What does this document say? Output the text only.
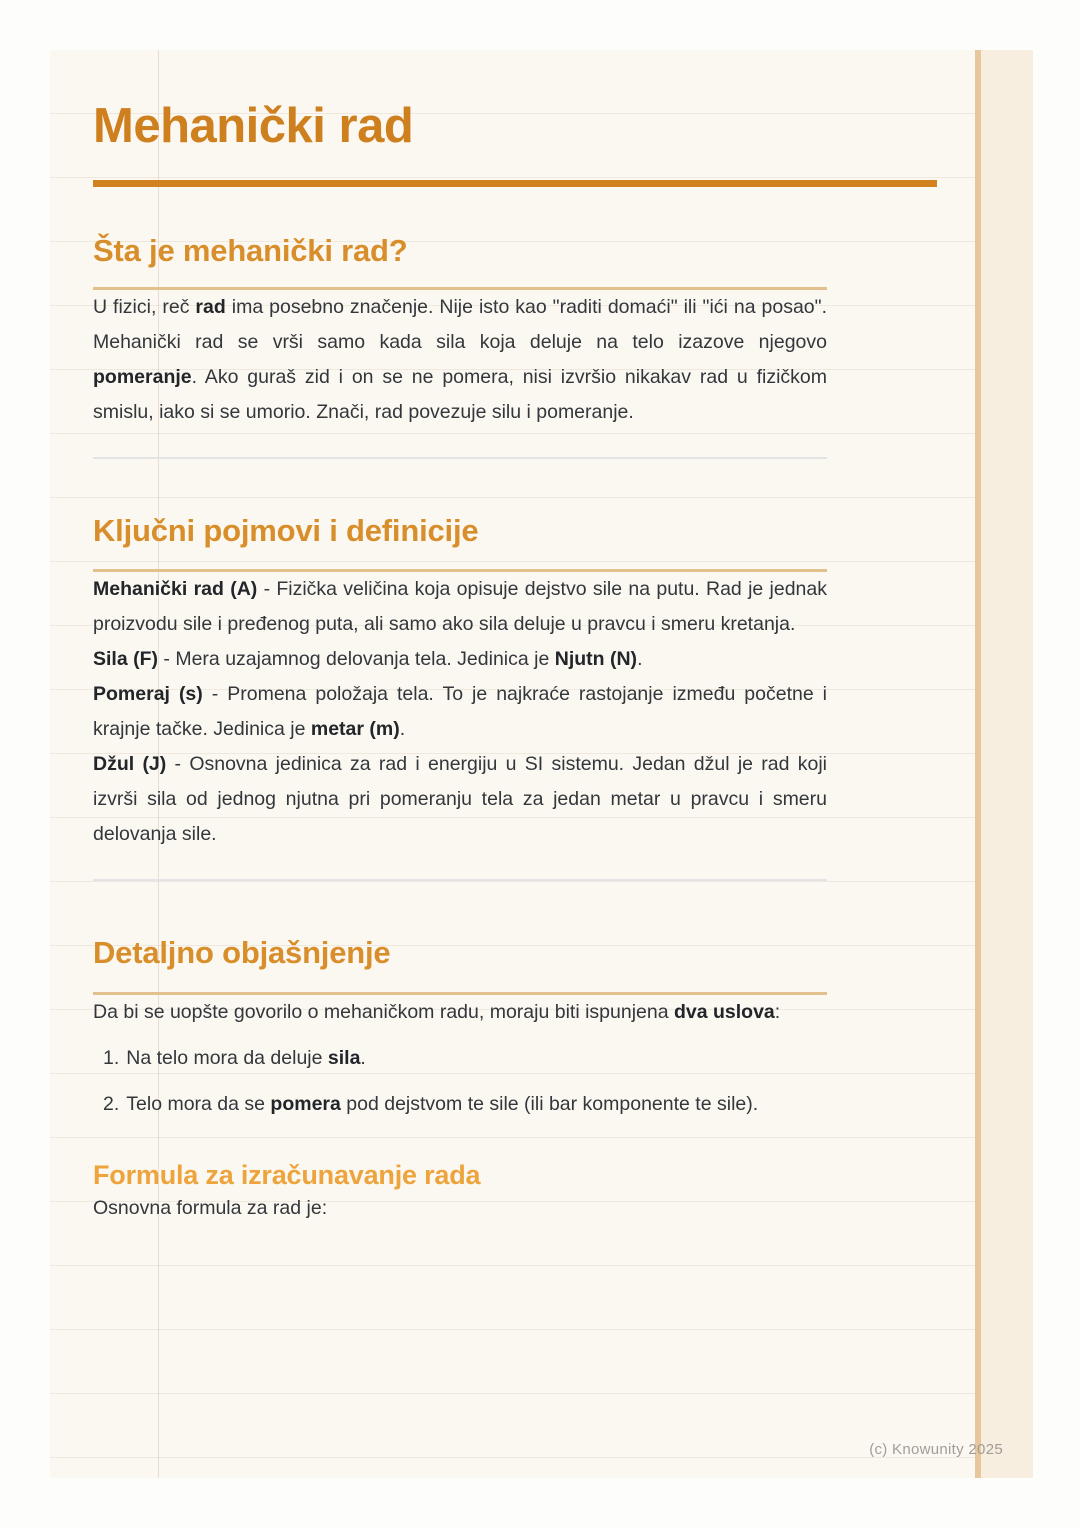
Mehanički rad
Šta je mehanički rad?

U fizici, reč rad ima posebno značenje. Nije isto kao "raditi domaći" ili "ići na posao". Mehanički rad se vrši samo kada sila koja deluje na telo izazove njegovo pomeranje. Ako guraš zid i on se ne pomera, nisi izvršio nikakav rad u fizičkom smislu, iako si se umorio. Znači, rad povezuje silu i pomeranje.

Ključni pojmovi i definicije

Mehanički rad (A) - Fizička veličina koja opisuje dejstvo sile na putu. Rad je jednak proizvodu sile i pređenog puta, ali samo ako sila deluje u pravcu i smeru kretanja.

Sila (F) - Mera uzajamnog delovanja tela. Jedinica je Njutn (N).

Pomeraj (s) - Promena položaja tela. To je najkraće rastojanje između početne i krajnje tačke. Jedinica je metar (m).

Džul (J) - Osnovna jedinica za rad i energiju u SI sistemu. Jedan džul je rad koji izvrši sila od jednog njutna pri pomeranju tela za jedan metar u pravcu i smeru delovanja sile.

Detaljno objašnjenje

Da bi se uopšte govorilo o mehaničkom radu, moraju biti ispunjena dva uslova:

1. Na telo mora da deluje sila.
2. Telo mora da se pomera pod dejstvom te sile (ili bar komponente te sile).
Formula za izračunavanje rada

Osnovna formula za rad je:

(c) Knowunity 2025
